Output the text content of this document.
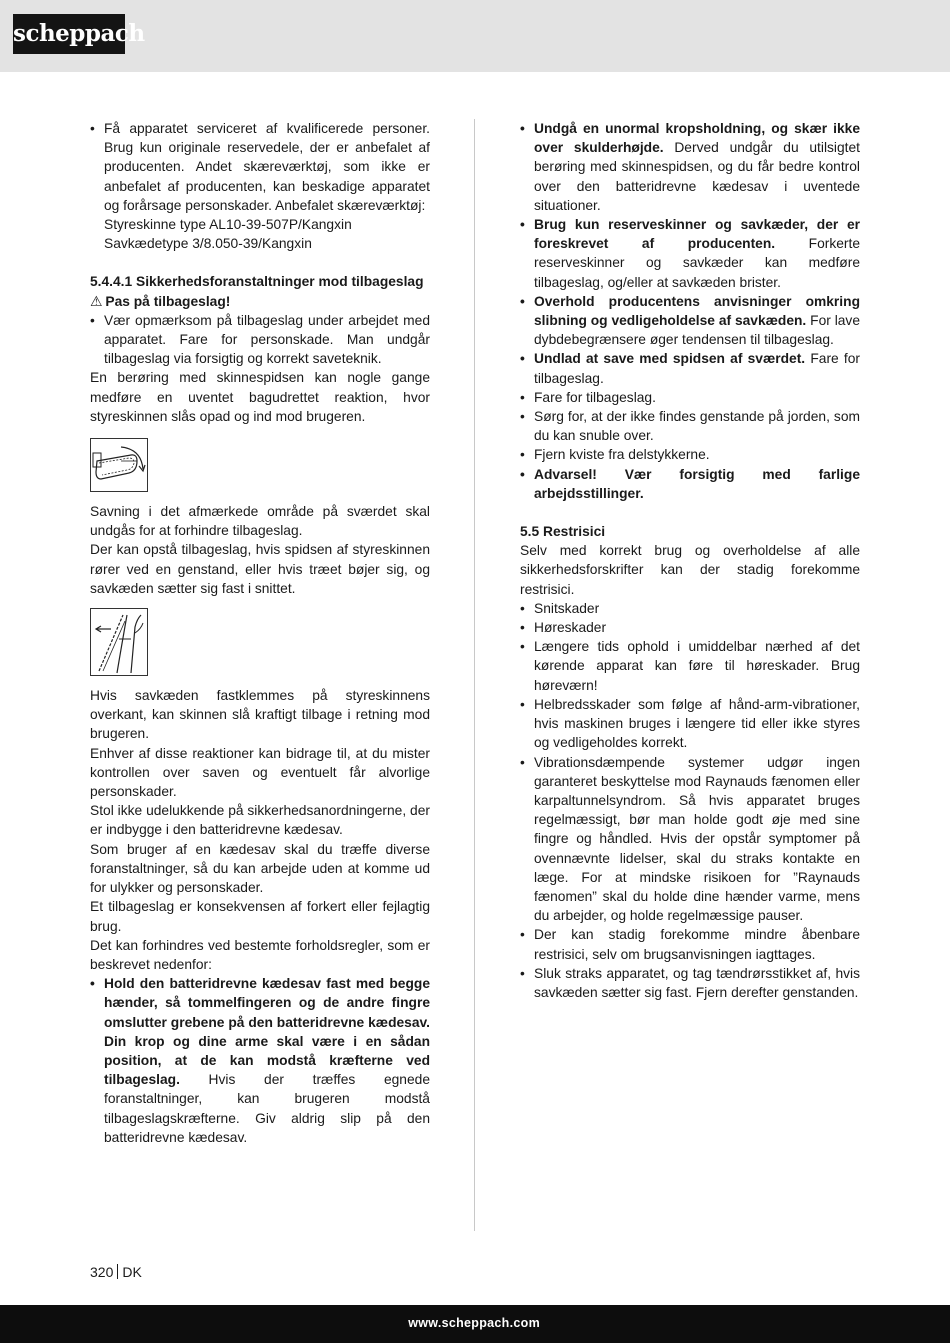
scheppach
• Få apparatet serviceret af kvalificerede personer. Brug kun originale reservedele, der er anbefalet af producenten. Andet skæreværktøj, som ikke er anbefalet af producenten, kan beskadige apparatet og forårsage personskader. Anbefalet skæreværktøj:
Styreskinne type AL10-39-507P/Kangxin
Savkædetype 3/8.050-39/Kangxin
5.4.4.1 Sikkerhedsforanstaltninger mod tilbageslag
⚠ Pas på tilbageslag!
• Vær opmærksom på tilbageslag under arbejdet med apparatet. Fare for personskade. Man undgår tilbageslag via forsigtig og korrekt saveteknik.

En berøring med skinnespidsen kan nogle gange medføre en uventet bagudrettet reaktion, hvor styreskinnen slås opad og ind mod brugeren.

Savning i det afmærkede område på sværdet skal undgås for at forhindre tilbageslag.

Der kan opstå tilbageslag, hvis spidsen af styreskinnen rører ved en genstand, eller hvis træet bøjer sig, og savkæden sætter sig fast i snittet.

Hvis savkæden fastklemmes på styreskinnens overkant, kan skinnen slå kraftigt tilbage i retning mod brugeren.

Enhver af disse reaktioner kan bidrage til, at du mister kontrollen over saven og eventuelt får alvorlige personskader.

Stol ikke udelukkende på sikkerhedsanordningerne, der er indbygge i den batteridrevne kædesav.

Som bruger af en kædesav skal du træffe diverse foranstaltninger, så du kan arbejde uden at komme ud for ulykker og personskader.

Et tilbageslag er konsekvensen af forkert eller fejlagtig brug.

Det kan forhindres ved bestemte forholdsregler, som er beskrevet nedenfor:

• Hold den batteridrevne kædesav fast med begge hænder, så tommelfingeren og de andre fingre omslutter grebene på den batteridrevne kædesav. Din krop og dine arme skal være i en sådan position, at de kan modstå kræfterne ved tilbageslag. Hvis der træffes egnede foranstaltninger, kan brugeren modstå tilbageslagskræfterne. Giv aldrig slip på den batteridrevne kædesav.
• Undgå en unormal kropsholdning, og skær ikke over skulderhøjde. Derved undgår du utilsigtet berøring med skinnespidsen, og du får bedre kontrol over den batteridrevne kædesav i uventede situationer.
• Brug kun reserveskinner og savkæder, der er foreskrevet af producenten. Forkerte reserveskinner og savkæder kan medføre tilbageslag, og/eller at savkæden brister.
• Overhold producentens anvisninger omkring slibning og vedligeholdelse af savkæden. For lave dybdebegrænsere øger tendensen til tilbageslag.
• Undlad at save med spidsen af sværdet. Fare for tilbageslag.
• Fare for tilbageslag.
• Sørg for, at der ikke findes genstande på jorden, som du kan snuble over.
• Fjern kviste fra delstykkerne.
• Advarsel! Vær forsigtig med farlige arbejdsstillinger.
5.5 Restrisici

Selv med korrekt brug og overholdelse af alle sikkerhedsforskrifter kan der stadig forekomme restrisici.

• Snitskader
• Høreskader
• Længere tids ophold i umiddelbar nærhed af det kørende apparat kan føre til høreskader. Brug høreværn!
• Helbredsskader som følge af hånd-arm-vibrationer, hvis maskinen bruges i længere tid eller ikke styres og vedligeholdes korrekt.
• Vibrationsdæmpende systemer udgør ingen garanteret beskyttelse mod Raynauds fænomen eller karpaltunnelsyndrom. Så hvis apparatet bruges regelmæssigt, bør man holde godt øje med sine fingre og håndled. Hvis der opstår symptomer på ovennævnte lidelser, skal du straks kontakte en læge. For at mindske risikoen for ”Raynauds fænomen” skal du holde dine hænder varme, mens du arbejder, og holde regelmæssige pauser.
• Der kan stadig forekomme mindre åbenbare restrisici, selv om brugsanvisningen iagttages.
• Sluk straks apparatet, og tag tændrørsstikket af, hvis savkæden sætter sig fast. Fjern derefter genstanden.
320 DK
www.scheppach.com
